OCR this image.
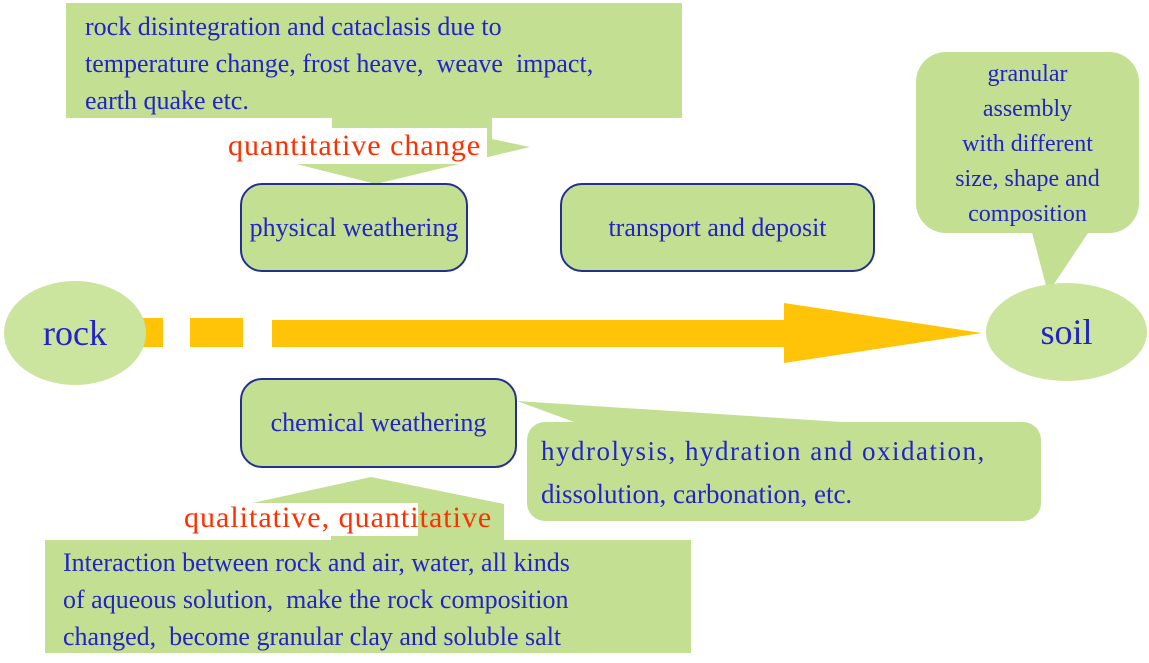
rock disintegration and cataclasis due to
temperature change, frost heave,  weave  impact,
earth quake etc.
quantitative change
physical weathering	transport and deposit
granular
assembly
with different
size, shape and
composition
rock	soil
chemical weathering
hydrolysis, hydration and oxidation,
dissolution, carbonation, etc.
qualitative, quantitative
Interaction between rock and air, water, all kinds
of aqueous solution,  make the rock composition
changed,  become granular clay and soluble salt
